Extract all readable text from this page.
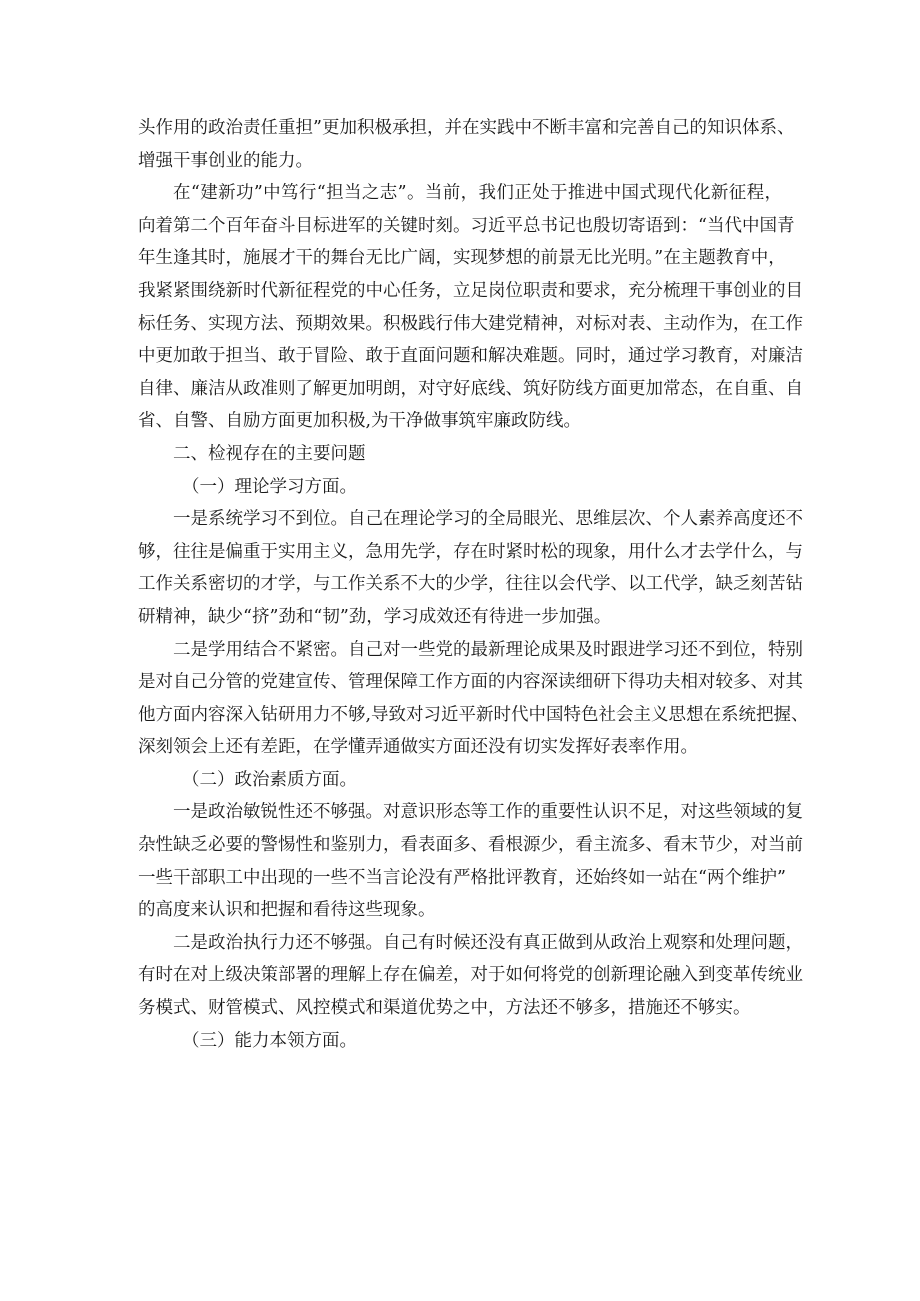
头作用的政治责任重担”更加积极承担，并在实践中不断丰富和完善自己的知识体系、
增强干事创业的能力。
在“建新功”中笃行“担当之志”。当前，我们正处于推进中国式现代化新征程，
向着第二个百年奋斗目标进军的关键时刻。习近平总书记也殷切寄语到：“当代中国青
年生逢其时，施展才干的舞台无比广阔，实现梦想的前景无比光明。”在主题教育中，
我紧紧围绕新时代新征程党的中心任务，立足岗位职责和要求，充分梳理干事创业的目
标任务、实现方法、预期效果。积极践行伟大建党精神，对标对表、主动作为，在工作
中更加敢于担当、敢于冒险、敢于直面问题和解决难题。同时，通过学习教育，对廉洁
自律、廉洁从政准则了解更加明朗，对守好底线、筑好防线方面更加常态，在自重、自
省、自警、自励方面更加积极,为干净做事筑牢廉政防线。
二、检视存在的主要问题
（一）理论学习方面。
一是系统学习不到位。自己在理论学习的全局眼光、思维层次、个人素养高度还不
够，往往是偏重于实用主义，急用先学，存在时紧时松的现象，用什么才去学什么，与
工作关系密切的才学，与工作关系不大的少学，往往以会代学、以工代学，缺乏刻苦钻
研精神，缺少“挤”劲和“韧”劲，学习成效还有待进一步加强。
二是学用结合不紧密。自己对一些党的最新理论成果及时跟进学习还不到位，特别
是对自己分管的党建宣传、管理保障工作方面的内容深读细研下得功夫相对较多、对其
他方面内容深入钻研用力不够,导致对习近平新时代中国特色社会主义思想在系统把握、
深刻领会上还有差距，在学懂弄通做实方面还没有切实发挥好表率作用。
（二）政治素质方面。
一是政治敏锐性还不够强。对意识形态等工作的重要性认识不足，对这些领域的复
杂性缺乏必要的警惕性和鉴别力，看表面多、看根源少，看主流多、看末节少，对当前
一些干部职工中出现的一些不当言论没有严格批评教育，还始终如一站在“两个维护”
的高度来认识和把握和看待这些现象。
二是政治执行力还不够强。自己有时候还没有真正做到从政治上观察和处理问题，
有时在对上级决策部署的理解上存在偏差，对于如何将党的创新理论融入到变革传统业
务模式、财管模式、风控模式和渠道优势之中，方法还不够多，措施还不够实。
（三）能力本领方面。
